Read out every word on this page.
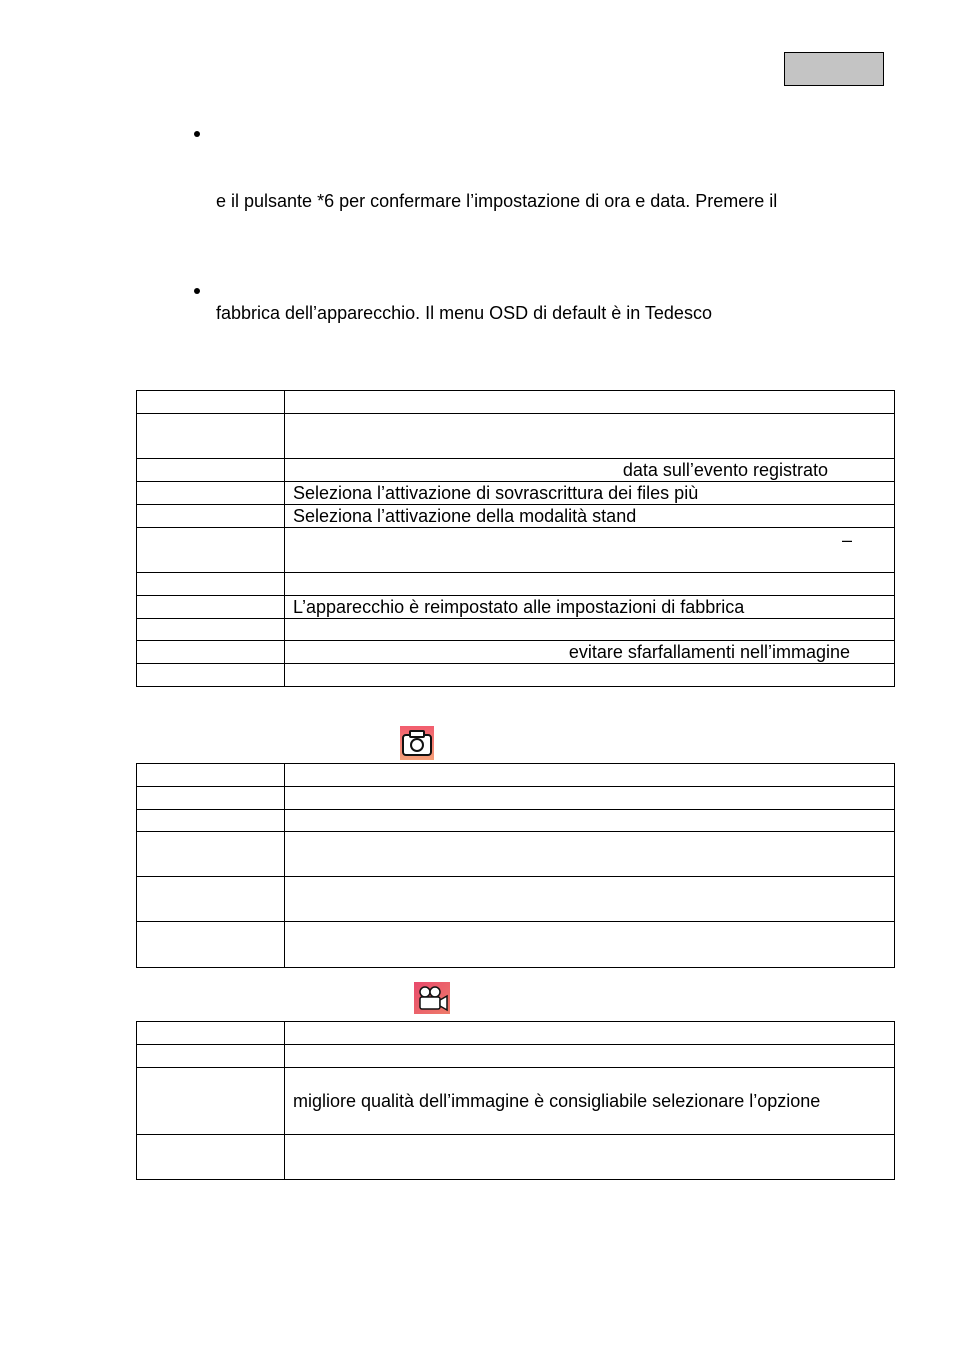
e il pulsante *6 per confermare l’impostazione di ora e data. Premere il
fabbrica dell’apparecchio. Il menu OSD di default è in Tedesco

	data sull’evento registrato
	Seleziona l’attivazione di sovrascrittura dei files più
	Seleziona l’attivazione della modalità stand
	–

	L’apparecchio è reimpostato alle impostazioni di fabbrica

	evitare sfarfallamenti nell’immagine

	migliore qualità dell’immagine è consigliabile selezionare l’opzione
